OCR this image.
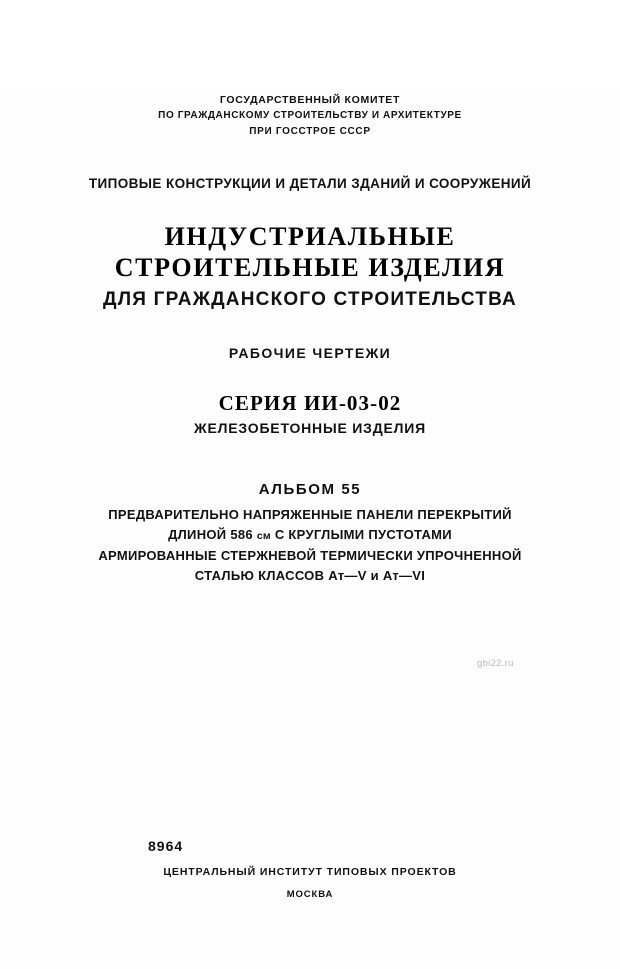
ГОСУДАРСТВЕННЫЙ КОМИТЕТ
ПО ГРАЖДАНСКОМУ СТРОИТЕЛЬСТВУ И АРХИТЕКТУРЕ
ПРИ ГОССТРОЕ СССР
ТИПОВЫЕ КОНСТРУКЦИИ И ДЕТАЛИ ЗДАНИЙ И СООРУЖЕНИЙ
ИНДУСТРИАЛЬНЫЕ
СТРОИТЕЛЬНЫЕ ИЗДЕЛИЯ
ДЛЯ ГРАЖДАНСКОГО СТРОИТЕЛЬСТВА
РАБОЧИЕ ЧЕРТЕЖИ
СЕРИЯ ИИ-03-02
ЖЕЛЕЗОБЕТОННЫЕ ИЗДЕЛИЯ
АЛЬБОМ 55
ПРЕДВАРИТЕЛЬНО НАПРЯЖЕННЫЕ ПАНЕЛИ ПЕРЕКРЫТИЙ
ДЛИНОЙ 586 см С КРУГЛЫМИ ПУСТОТАМИ
АРМИРОВАННЫЕ СТЕРЖНЕВОЙ ТЕРМИЧЕСКИ УПРОЧНЕННОЙ
СТАЛЬЮ КЛАССОВ Ат—V и Ат—VI
gbi22.ru
8964
ЦЕНТРАЛЬНЫЙ ИНСТИТУТ ТИПОВЫХ ПРОЕКТОВ
МОСКВА
